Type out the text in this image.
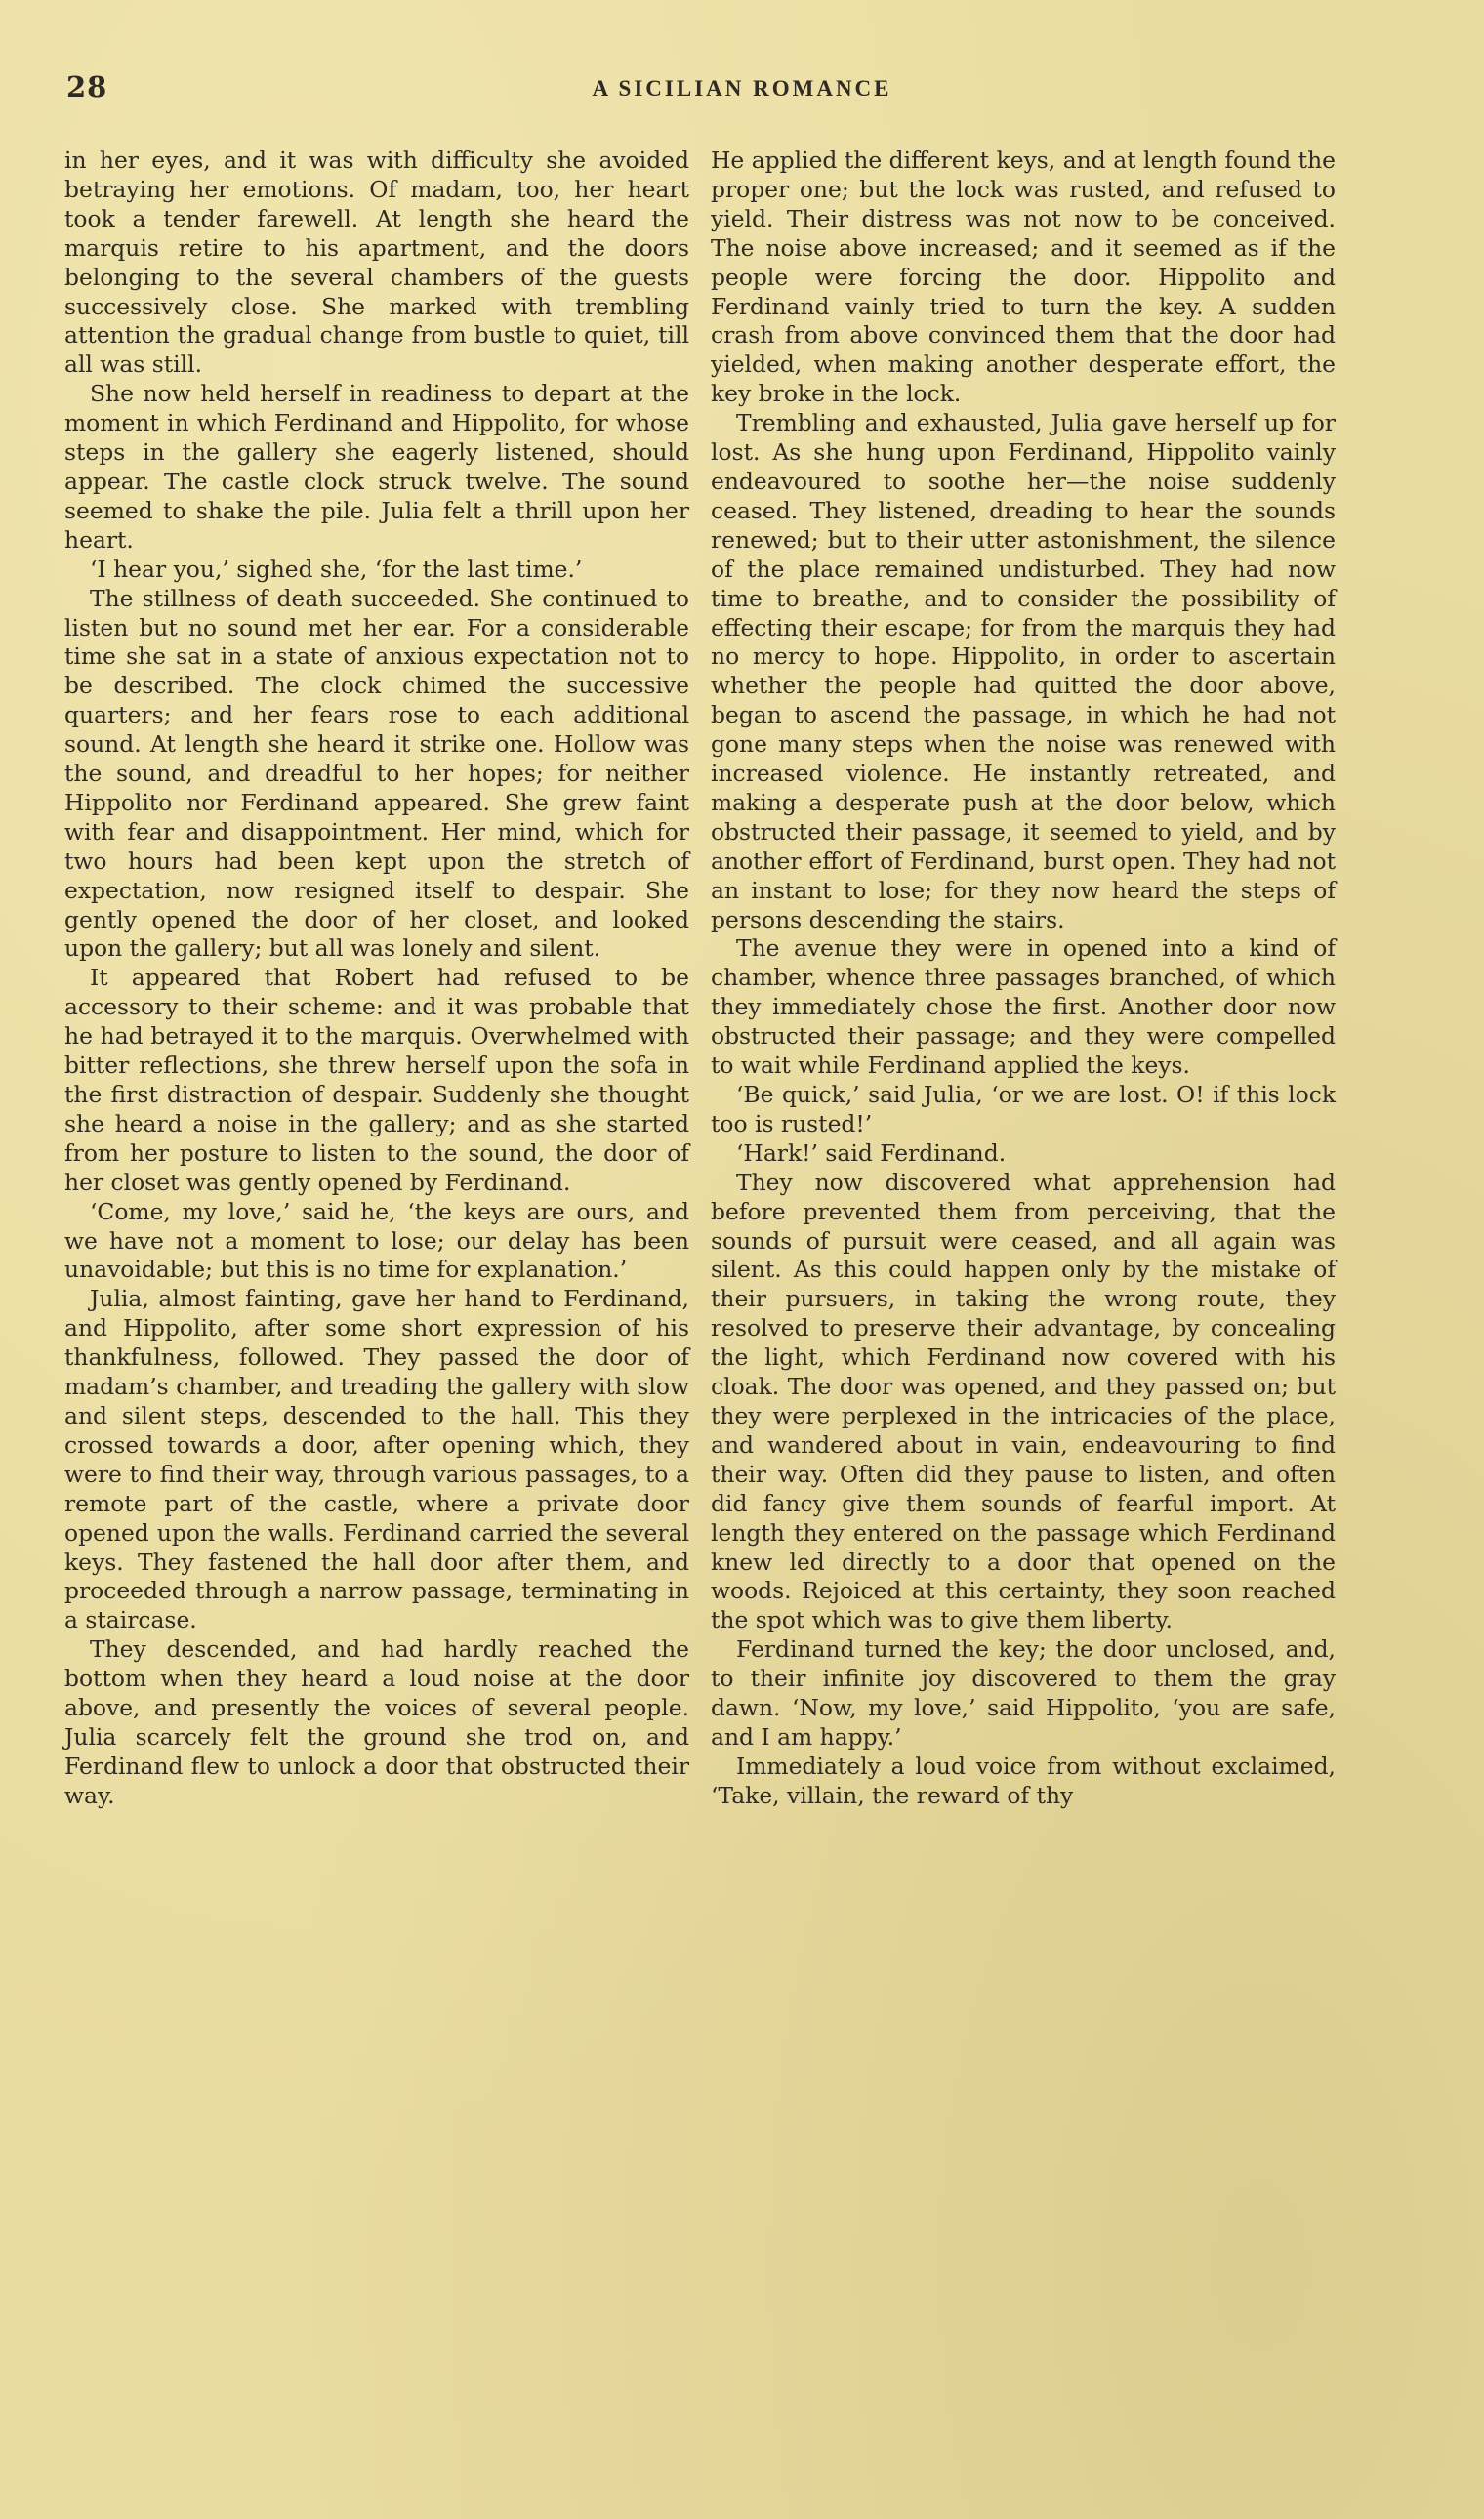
28	A SICILIAN ROMANCE

in her eyes, and it was with difficulty she avoided betraying her emotions. Of madam, too, her heart took a tender farewell. At length she heard the marquis retire to his apartment, and the doors belonging to the several chambers of the guests successively close. She marked with trembling attention the gradual change from bustle to quiet, till all was still.

She now held herself in readiness to depart at the moment in which Ferdinand and Hippolito, for whose steps in the gallery she eagerly listened, should appear. The castle clock struck twelve. The sound seemed to shake the pile. Julia felt a thrill upon her heart.

‘I hear you,’ sighed she, ‘for the last time.’

The stillness of death succeeded. She continued to listen but no sound met her ear. For a considerable time she sat in a state of anxious expectation not to be described. The clock chimed the successive quarters; and her fears rose to each additional sound. At length she heard it strike one. Hollow was the sound, and dreadful to her hopes; for neither Hippolito nor Ferdinand appeared. She grew faint with fear and disappointment. Her mind, which for two hours had been kept upon the stretch of expectation, now resigned itself to despair. She gently opened the door of her closet, and looked upon the gallery; but all was lonely and silent.

It appeared that Robert had refused to be accessory to their scheme: and it was probable that he had betrayed it to the marquis. Overwhelmed with bitter reflections, she threw herself upon the sofa in the first distraction of despair. Suddenly she thought she heard a noise in the gallery; and as she started from her posture to listen to the sound, the door of her closet was gently opened by Ferdinand.

‘Come, my love,’ said he, ‘the keys are ours, and we have not a moment to lose; our delay has been unavoidable; but this is no time for explanation.’

Julia, almost fainting, gave her hand to Ferdinand, and Hippolito, after some short expression of his thankfulness, followed. They passed the door of madam’s chamber, and treading the gallery with slow and silent steps, descended to the hall. This they crossed towards a door, after opening which, they were to find their way, through various passages, to a remote part of the castle, where a private door opened upon the walls. Ferdinand carried the several keys. They fastened the hall door after them, and proceeded through a narrow passage, terminating in a staircase.

They descended, and had hardly reached the bottom when they heard a loud noise at the door above, and presently the voices of several people. Julia scarcely felt the ground she trod on, and Ferdinand flew to unlock a door that obstructed their way.

He applied the different keys, and at length found the proper one; but the lock was rusted, and refused to yield. Their distress was not now to be conceived. The noise above increased; and it seemed as if the people were forcing the door. Hippolito and Ferdinand vainly tried to turn the key. A sudden crash from above convinced them that the door had yielded, when making another desperate effort, the key broke in the lock.

Trembling and exhausted, Julia gave herself up for lost. As she hung upon Ferdinand, Hippolito vainly endeavoured to soothe her—the noise suddenly ceased. They listened, dreading to hear the sounds renewed; but to their utter astonishment, the silence of the place remained undisturbed. They had now time to breathe, and to consider the possibility of effecting their escape; for from the marquis they had no mercy to hope. Hippolito, in order to ascertain whether the people had quitted the door above, began to ascend the passage, in which he had not gone many steps when the noise was renewed with increased violence. He instantly retreated, and making a desperate push at the door below, which obstructed their passage, it seemed to yield, and by another effort of Ferdinand, burst open. They had not an instant to lose; for they now heard the steps of persons descending the stairs.

The avenue they were in opened into a kind of chamber, whence three passages branched, of which they immediately chose the first. Another door now obstructed their passage; and they were compelled to wait while Ferdinand applied the keys.

‘Be quick,’ said Julia, ‘or we are lost. O! if this lock too is rusted!’

‘Hark!’ said Ferdinand.

They now discovered what apprehension had before prevented them from perceiving, that the sounds of pursuit were ceased, and all again was silent. As this could happen only by the mistake of their pursuers, in taking the wrong route, they resolved to preserve their advantage, by concealing the light, which Ferdinand now covered with his cloak. The door was opened, and they passed on; but they were perplexed in the intricacies of the place, and wandered about in vain, endeavouring to find their way. Often did they pause to listen, and often did fancy give them sounds of fearful import. At length they entered on the passage which Ferdinand knew led directly to a door that opened on the woods. Rejoiced at this certainty, they soon reached the spot which was to give them liberty.

Ferdinand turned the key; the door unclosed, and, to their infinite joy discovered to them the gray dawn. ‘Now, my love,’ said Hippolito, ‘you are safe, and I am happy.’

Immediately a loud voice from without exclaimed, ‘Take, villain, the reward of thy
